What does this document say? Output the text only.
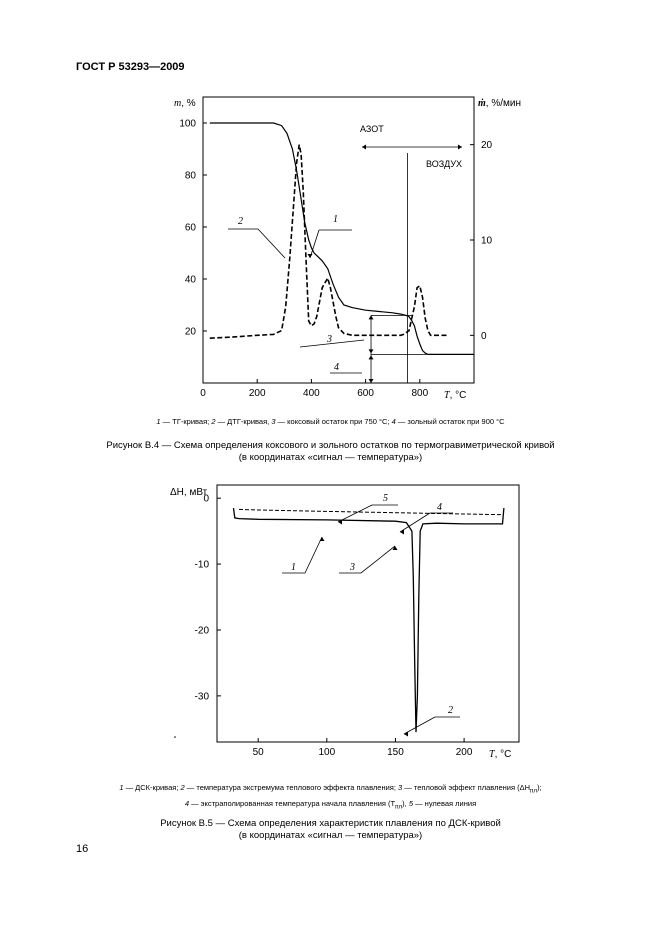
ГОСТ Р 53293—2009
0	200	400	600	800
20
40
60
80
100
0
10
20
m, %	ṁ, %/мин
T, °C
АЗОТ
ВОЗДУХ
1
2
3
4
1 — ТГ-кривая; 2 — ДТГ-кривая, 3 — коксовый остаток при 750 °С; 4 — зольный остаток при 900 °С
Рисунок В.4 — Схема определения коксового и зольного остатков по термогравиметрической кривой
(в координатах «сигнал — температура»)
50	100	150	200
0
-10
-20
-30
ΔH, мВт
T, °C
1
2
3
4
5
1 — ДСК-кривая; 2 — температура экстремума теплового эффекта плавления; 3 — тепловой эффект плавления $(\Delta H_{пл})$;
4 — экстраполированная температура начала плавления $(T_{пл})$, 5 — нулевая линия
Рисунок В.5 — Схема определения характеристик плавления по ДСК-кривой
(в координатах «сигнал — температура»)
16
